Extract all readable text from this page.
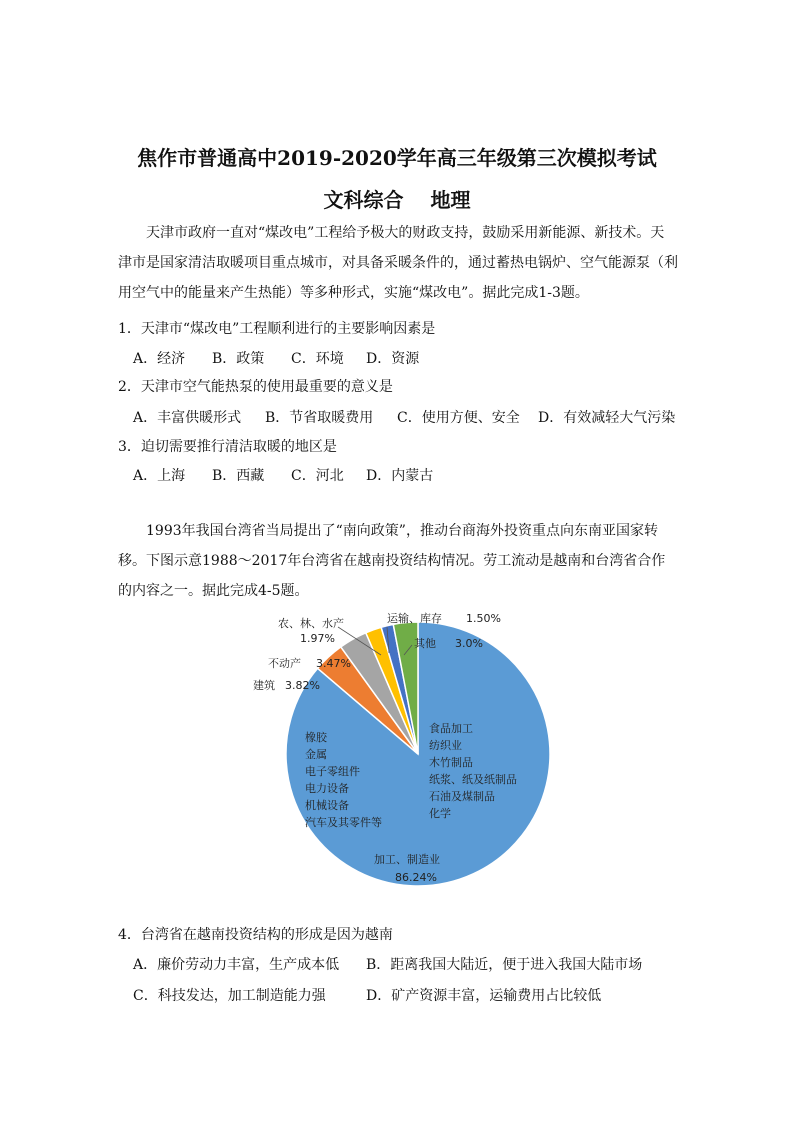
焦作市普通高中2019-2020学年高三年级第三次模拟考试
文科综合　 地理

天津市政府一直对“煤改电”工程给予极大的财政支持，鼓励采用新能源、新技术。天津市是国家清洁取暖项目重点城市，对具备采暖条件的，通过蓄热电锅炉、空气能源泵（利用空气中的能量来产生热能）等多种形式，实施“煤改电”。据此完成1-3题。

1．天津市“煤改电”工程顺利进行的主要影响因素是
A．经济 B．政策 C．环境 D．资源
2．天津市空气能热泵的使用最重要的意义是
A．丰富供暖形式 B．节省取暖费用 C．使用方便、安全 D．有效减轻大气污染
3．迫切需要推行清洁取暖的地区是
A．上海 B．西藏 C．河北 D．内蒙古

1993年我国台湾省当局提出了“南向政策”，推动台商海外投资重点向东南亚国家转移。下图示意1988～2017年台湾省在越南投资结构情况。劳工流动是越南和台湾省合作的内容之一。据此完成4-5题。

农、林、水产
1.97%
运输、库存 1.50%
其他 3.0%
不动产 3.47%
建筑 3.82%
橡胶
金属
电子零组件
电力设备
机械设备
汽车及其零件等
食品加工
纺织业
木竹制品
纸浆、纸及纸制品
石油及煤制品
化学
加工、制造业
86.24%
4．台湾省在越南投资结构的形成是因为越南
A．廉价劳动力丰富，生产成本低 B．距离我国大陆近，便于进入我国大陆市场
C．科技发达，加工制造能力强	D．矿产资源丰富，运输费用占比较低
